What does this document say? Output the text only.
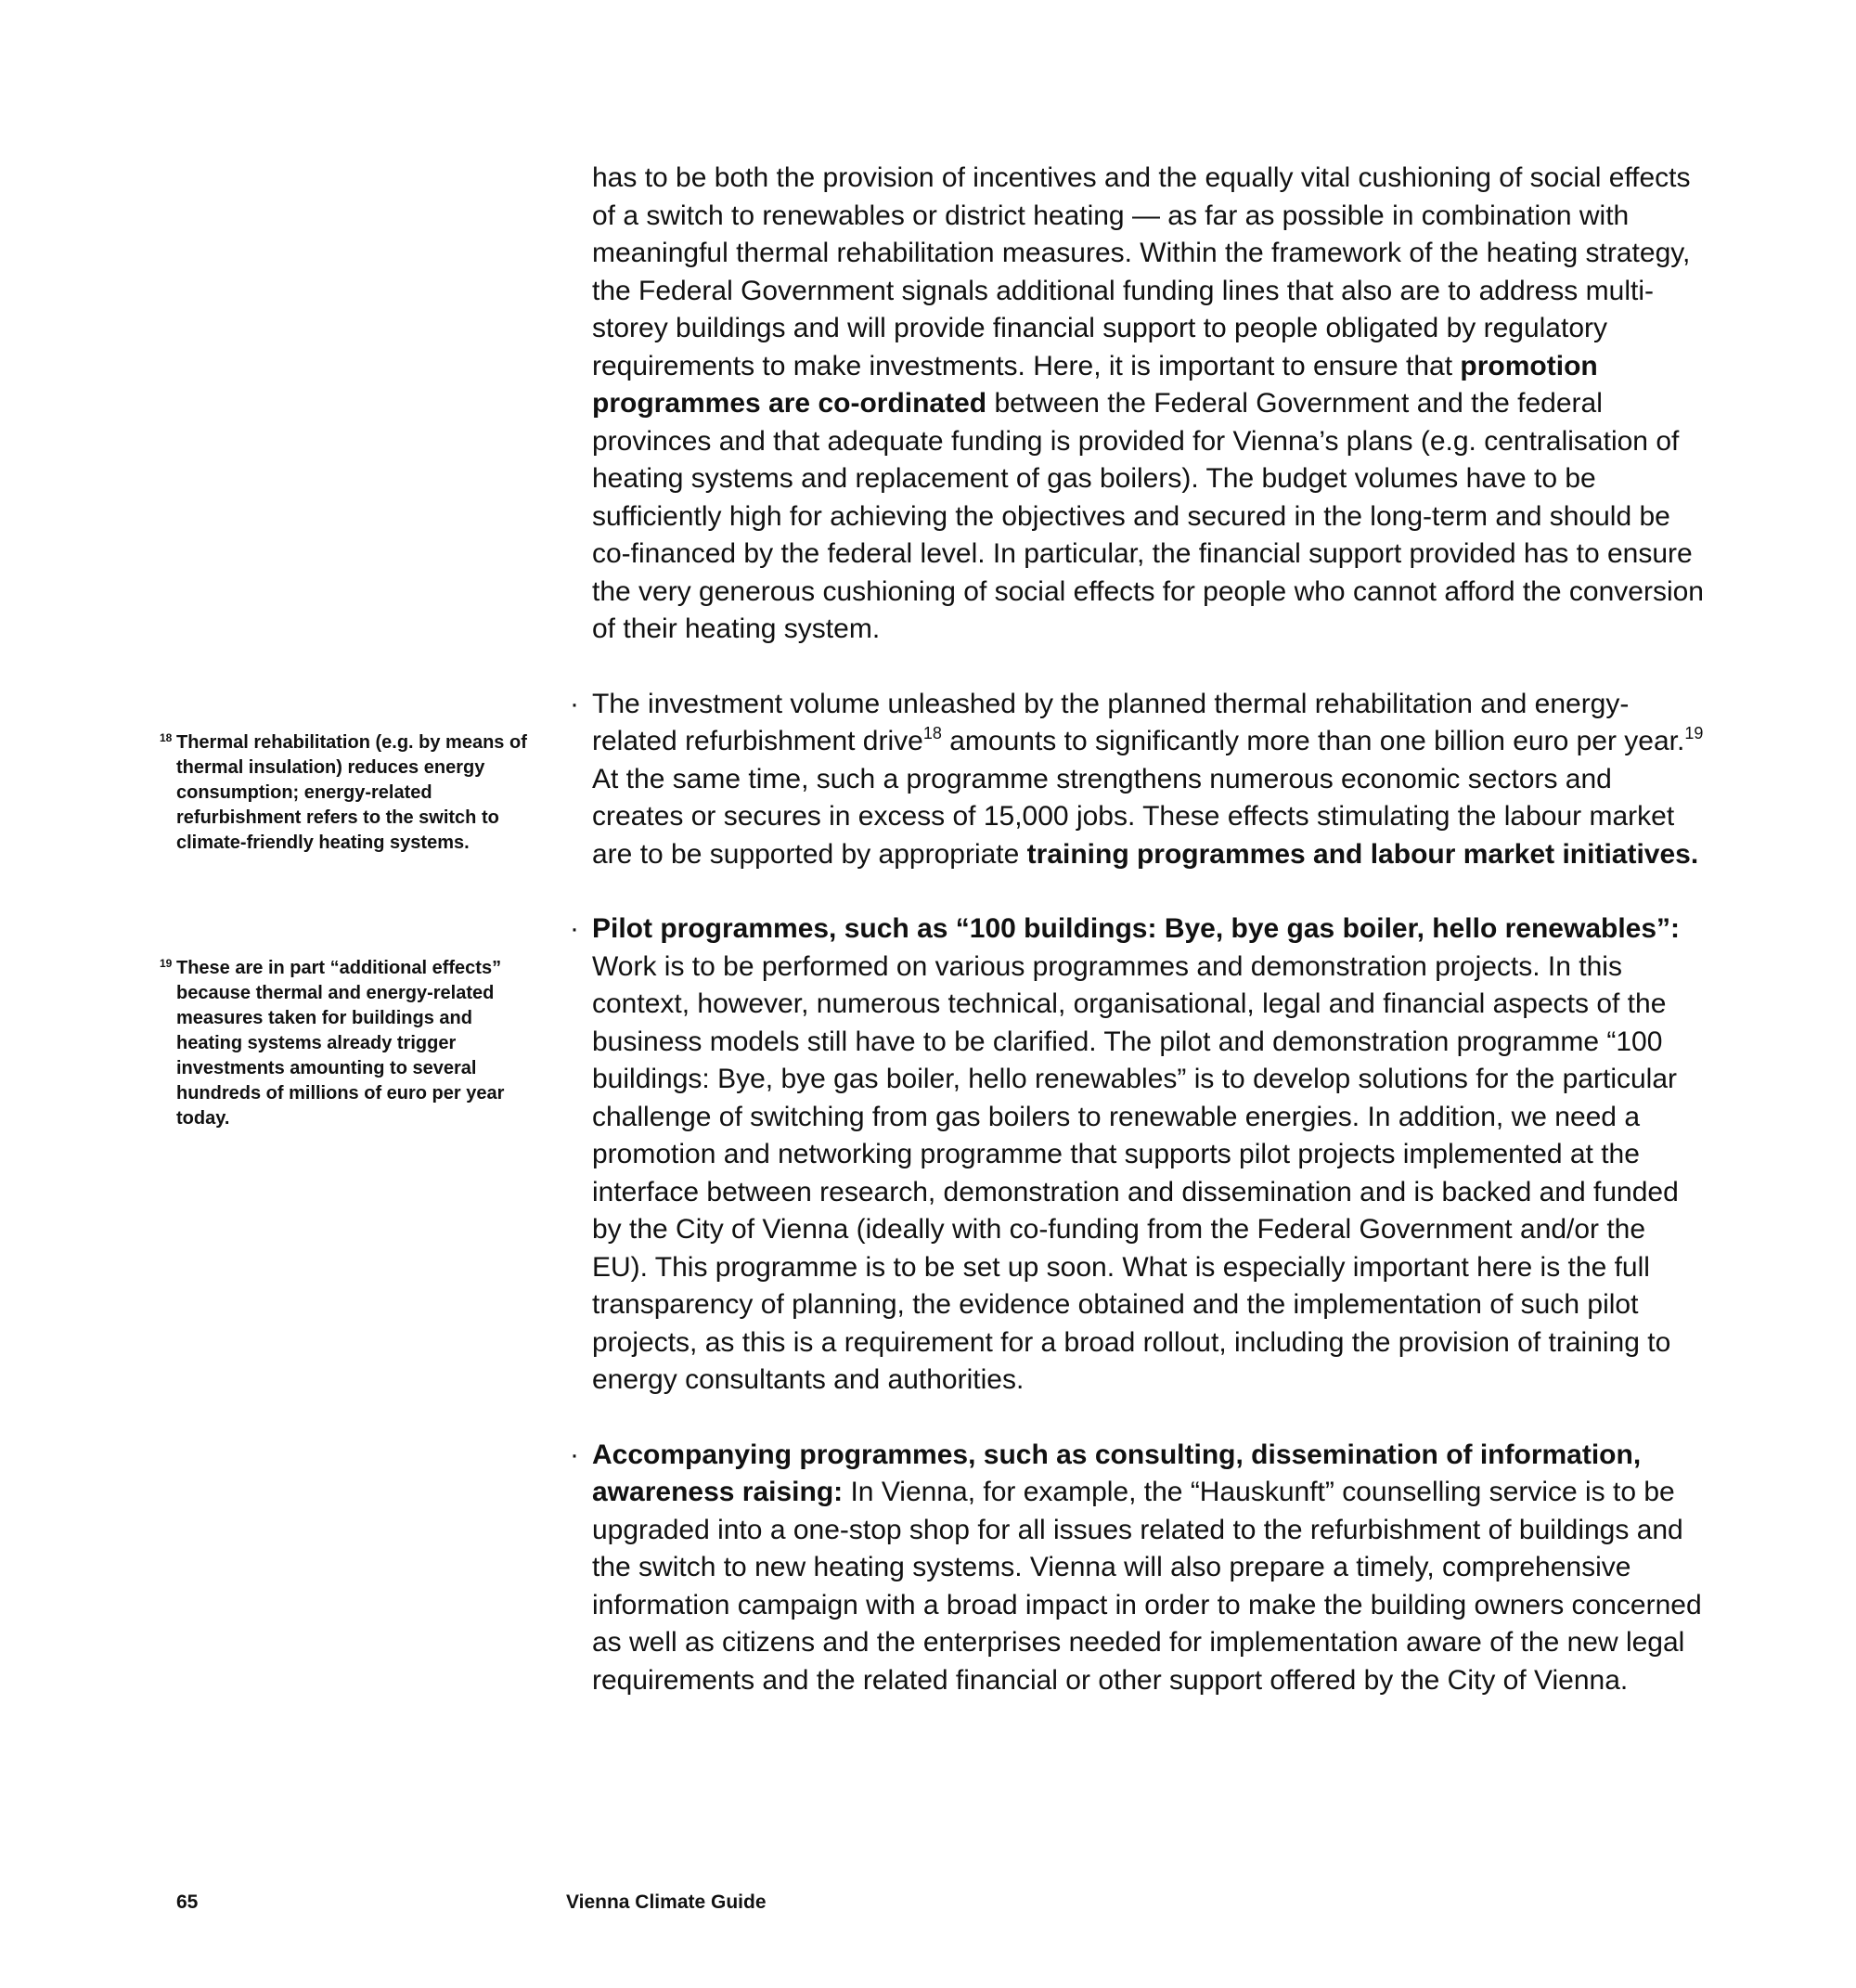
has to be both the provision of incentives and the equally vital cushioning of social effects of a switch to renewables or district heating — as far as possible in combination with meaningful thermal rehabilitation measures. Within the framework of the heating strategy, the Federal Government signals additional funding lines that also are to address multi-storey buildings and will provide financial support to people obligated by regulatory requirements to make investments. Here, it is important to ensure that promotion programmes are co-ordinated between the Federal Government and the federal provinces and that adequate funding is provided for Vienna’s plans (e.g. centralisation of heating systems and replacement of gas boilers). The budget volumes have to be sufficiently high for achieving the objectives and secured in the long-term and should be co-financed by the federal level. In particular, the financial support provided has to ensure the very generous cushioning of social effects for people who cannot afford the conversion of their heating system.

· The investment volume unleashed by the planned thermal rehabilitation and energy-related refurbishment drive$^{18}$ amounts to significantly more than one billion euro per year.$^{19}$ At the same time, such a programme strengthens numerous economic sectors and creates or secures in excess of 15,000 jobs. These effects stimulating the labour market are to be supported by appropriate training programmes and labour market initiatives.

· Pilot programmes, such as “100 buildings: Bye, bye gas boiler, hello renewables”:
Work is to be performed on various programmes and demonstration projects. In this context, however, numerous technical, organisational, legal and financial aspects of the business models still have to be clarified. The pilot and demonstration programme “100 buildings: Bye, bye gas boiler, hello renewables” is to develop solutions for the particular challenge of switching from gas boilers to renewable energies. In addition, we need a promotion and networking programme that supports pilot projects implemented at the interface between research, demonstration and dissemination and is backed and funded by the City of Vienna (ideally with co-funding from the Federal Government and/or the EU). This programme is to be set up soon. What is especially important here is the full transparency of planning, the evidence obtained and the implementation of such pilot projects, as this is a requirement for a broad rollout, including the provision of training to energy consultants and authorities.

· Accompanying programmes, such as consulting, dissemination of information, awareness raising: In Vienna, for example, the “Hauskunft” counselling service is to be upgraded into a one-stop shop for all issues related to the refurbishment of buildings and the switch to new heating systems. Vienna will also prepare a timely, comprehensive information campaign with a broad impact in order to make the building owners concerned as well as citizens and the enterprises needed for implementation aware of the new legal requirements and the related financial or other support offered by the City of Vienna.

18 Thermal rehabilitation (e.g. by means of thermal insulation) reduces energy consumption; energy-related refurbishment refers to the switch to climate-friendly heating systems.
19 These are in part “additional effects” because thermal and energy-related measures taken for buildings and heating systems already trigger investments amounting to several hundreds of millions of euro per year today.
65	Vienna Climate Guide
